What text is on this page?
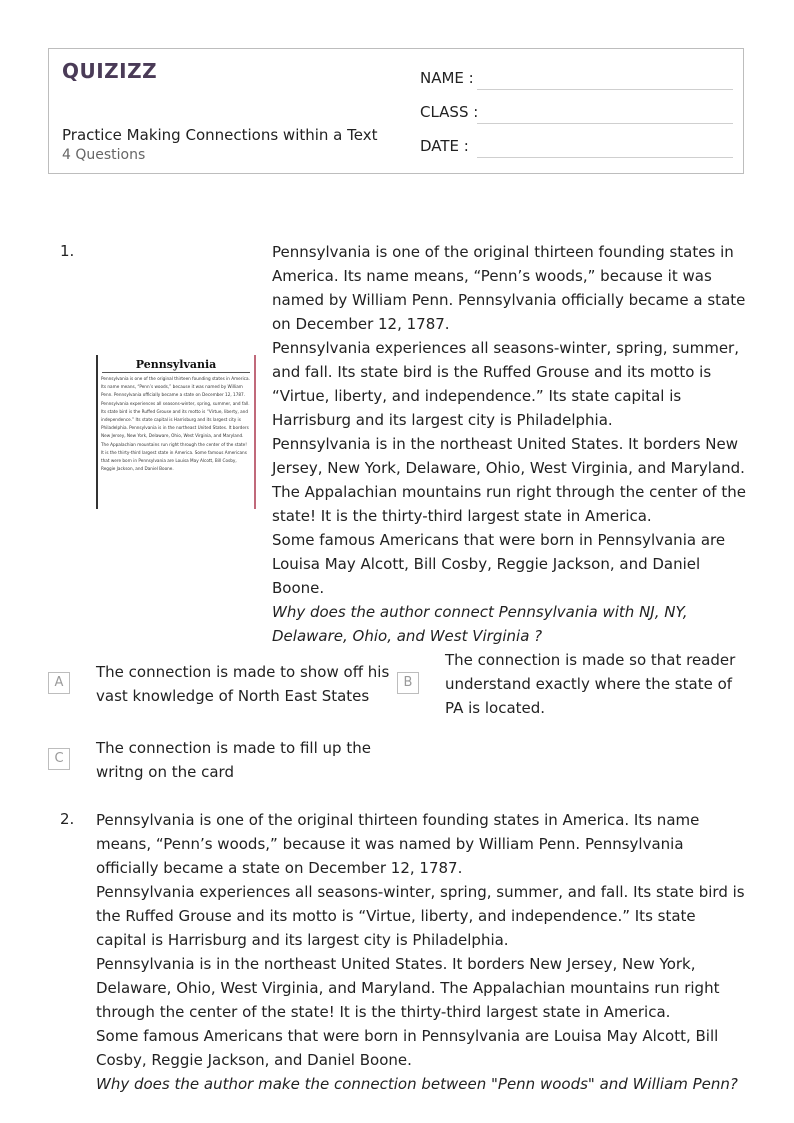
QUIZIZZ
Practice Making Connections within a Text
4 Questions
NAME :
CLASS :
DATE :
1.
Pennsylvania
Pennsylvania is one of the original thirteen founding states in America. Its name means, “Penn’s woods,” because it was named by William Penn. Pennsylvania officially became a state on December 12, 1787. Pennsylvania experiences all seasons-winter, spring, summer, and fall. Its state bird is the Ruffed Grouse and its motto is “Virtue, liberty, and independence.” Its state capital is Harrisburg and its largest city is Philadelphia. Pennsylvania is in the northeast United States. It borders New Jersey, New York, Delaware, Ohio, West Virginia, and Maryland. The Appalachian mountains run right through the center of the state! It is the thirty-third largest state in America. Some famous Americans that were born in Pennsylvania are Louisa May Alcott, Bill Cosby, Reggie Jackson, and Daniel Boone.

Pennsylvania is one of the original thirteen founding states in America. Its name means, “Penn’s woods,” because it was named by William Penn. Pennsylvania officially became a state on December 12, 1787.

Pennsylvania experiences all seasons-winter, spring, summer, and fall. Its state bird is the Ruffed Grouse and its motto is “Virtue, liberty, and independence.” Its state capital is Harrisburg and its largest city is Philadelphia.

Pennsylvania is in the northeast United States. It borders New Jersey, New York, Delaware, Ohio, West Virginia, and Maryland. The Appalachian mountains run right through the center of the state! It is the thirty-third largest state in America.

Some famous Americans that were born in Pennsylvania are Louisa May Alcott, Bill Cosby, Reggie Jackson, and Daniel Boone.

Why does the author connect Pennsylvania with NJ, NY, Delaware, Ohio, and West Virginia ?

A
The connection is made to show off his vast knowledge of North East States
B
The connection is made so that reader understand exactly where the state of PA is located.
C
The connection is made to fill up the writng on the card
2. Pennsylvania is one of the original thirteen founding states in America. Its name means, “Penn’s woods,” because it was named by William Penn. Pennsylvania officially became a state on December 12, 1787.

Pennsylvania experiences all seasons-winter, spring, summer, and fall. Its state bird is the Ruffed Grouse and its motto is “Virtue, liberty, and independence.” Its state capital is Harrisburg and its largest city is Philadelphia.

Pennsylvania is in the northeast United States. It borders New Jersey, New York, Delaware, Ohio, West Virginia, and Maryland. The Appalachian mountains run right through the center of the state! It is the thirty-third largest state in America.

Some famous Americans that were born in Pennsylvania are Louisa May Alcott, Bill Cosby, Reggie Jackson, and Daniel Boone.

Why does the author make the connection between "Penn woods" and William Penn?
